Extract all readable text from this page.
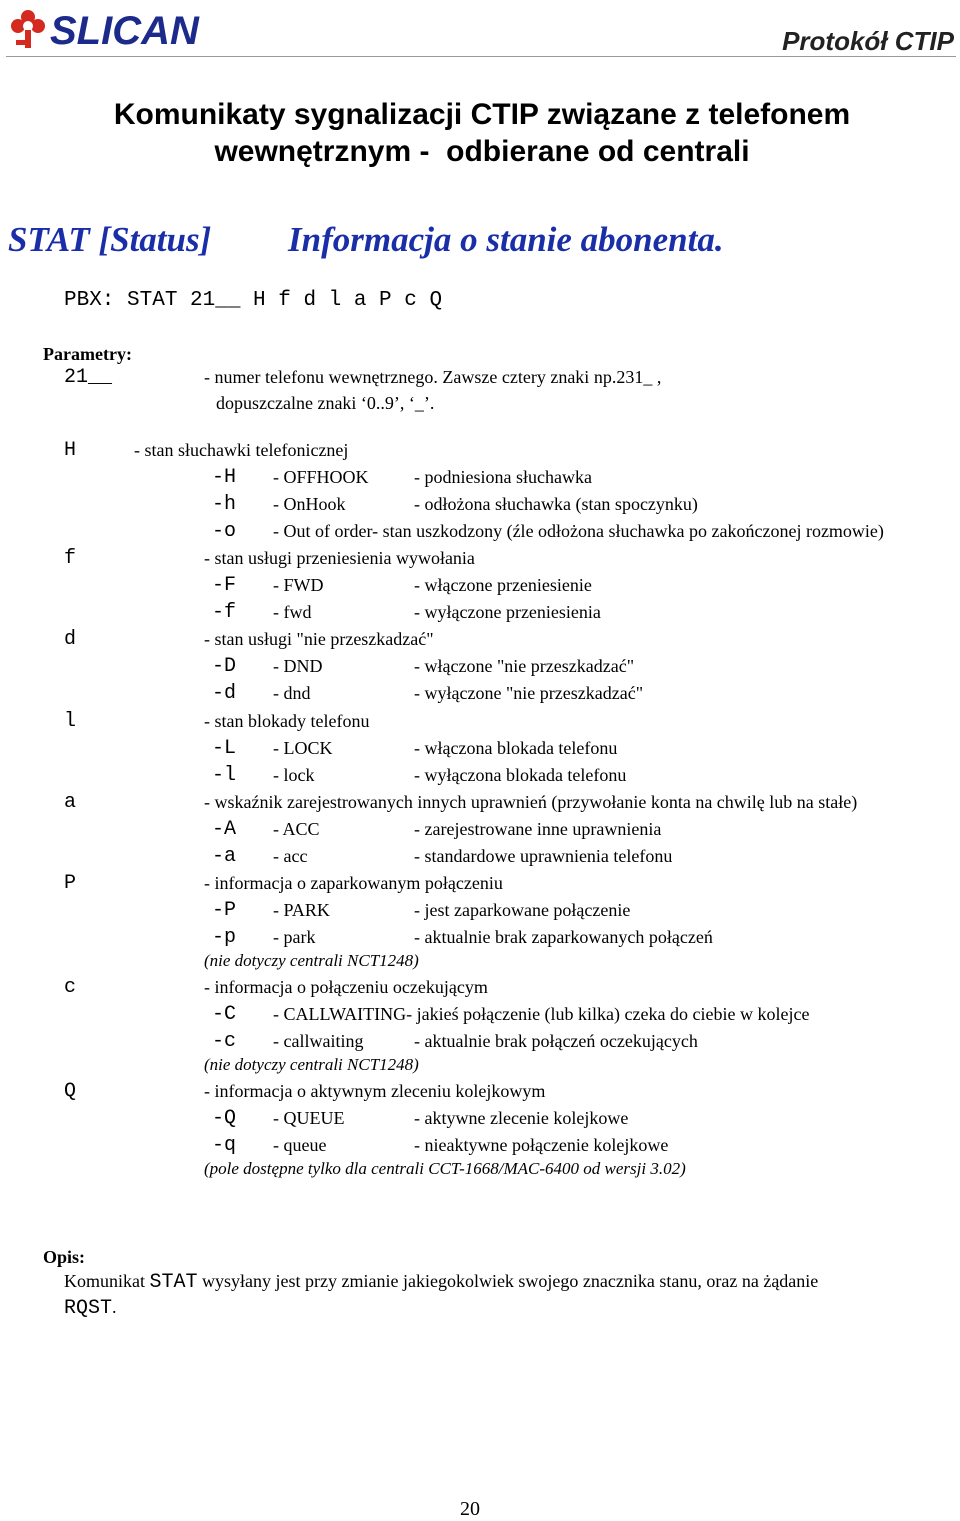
SLICAN	Protokół CTIP
Komunikaty sygnalizacji CTIP związane z telefonem
wewnętrznym -  odbierane od centrali
STAT [Status] Informacja o stanie abonenta.
PBX: STAT 21__ H f d l a P c Q
Parametry:
21__	- numer telefonu wewnętrznego. Zawsze cztery znaki np.231_ ,
dopuszczalne znaki ‘0..9’, ‘_’.
H	- stan słuchawki telefonicznej
-H - OFFHOOK	- podniesiona słuchawka
-h - OnHook	- odłożona słuchawka (stan spoczynku)
-o - Out of order- stan uszkodzony (źle odłożona słuchawka po zakończonej rozmowie)
f	- stan usługi przeniesienia wywołania
-F - FWD	- włączone przeniesienie
-f - fwd	- wyłączone przeniesienia
d	- stan usługi "nie przeszkadzać"
-D - DND	- włączone "nie przeszkadzać"
-d - dnd	- wyłączone "nie przeszkadzać"
l	- stan blokady telefonu
-L - LOCK	- włączona blokada telefonu
-l - lock	- wyłączona blokada telefonu
a	- wskaźnik zarejestrowanych innych uprawnień (przywołanie konta na chwilę lub na stałe)
-A - ACC	- zarejestrowane inne uprawnienia
-a - acc	- standardowe uprawnienia telefonu
P	- informacja o zaparkowanym połączeniu
-P - PARK	- jest zaparkowane połączenie
-p - park	- aktualnie brak zaparkowanych połączeń
(nie dotyczy centrali NCT1248)
c	- informacja o połączeniu oczekującym
-C - CALLWAITING- jakieś połączenie (lub kilka) czeka do ciebie w kolejce
-c - callwaiting	- aktualnie brak połączeń oczekujących
(nie dotyczy centrali NCT1248)
Q	- informacja o aktywnym zleceniu kolejkowym
-Q - QUEUE	- aktywne zlecenie kolejkowe
-q - queue	- nieaktywne połączenie kolejkowe
(pole dostępne tylko dla centrali CCT-1668/MAC-6400 od wersji 3.02)
Opis:
Komunikat STAT wysyłany jest przy zmianie jakiegokolwiek swojego znacznika stanu, oraz na żądanie
RQST.
20
